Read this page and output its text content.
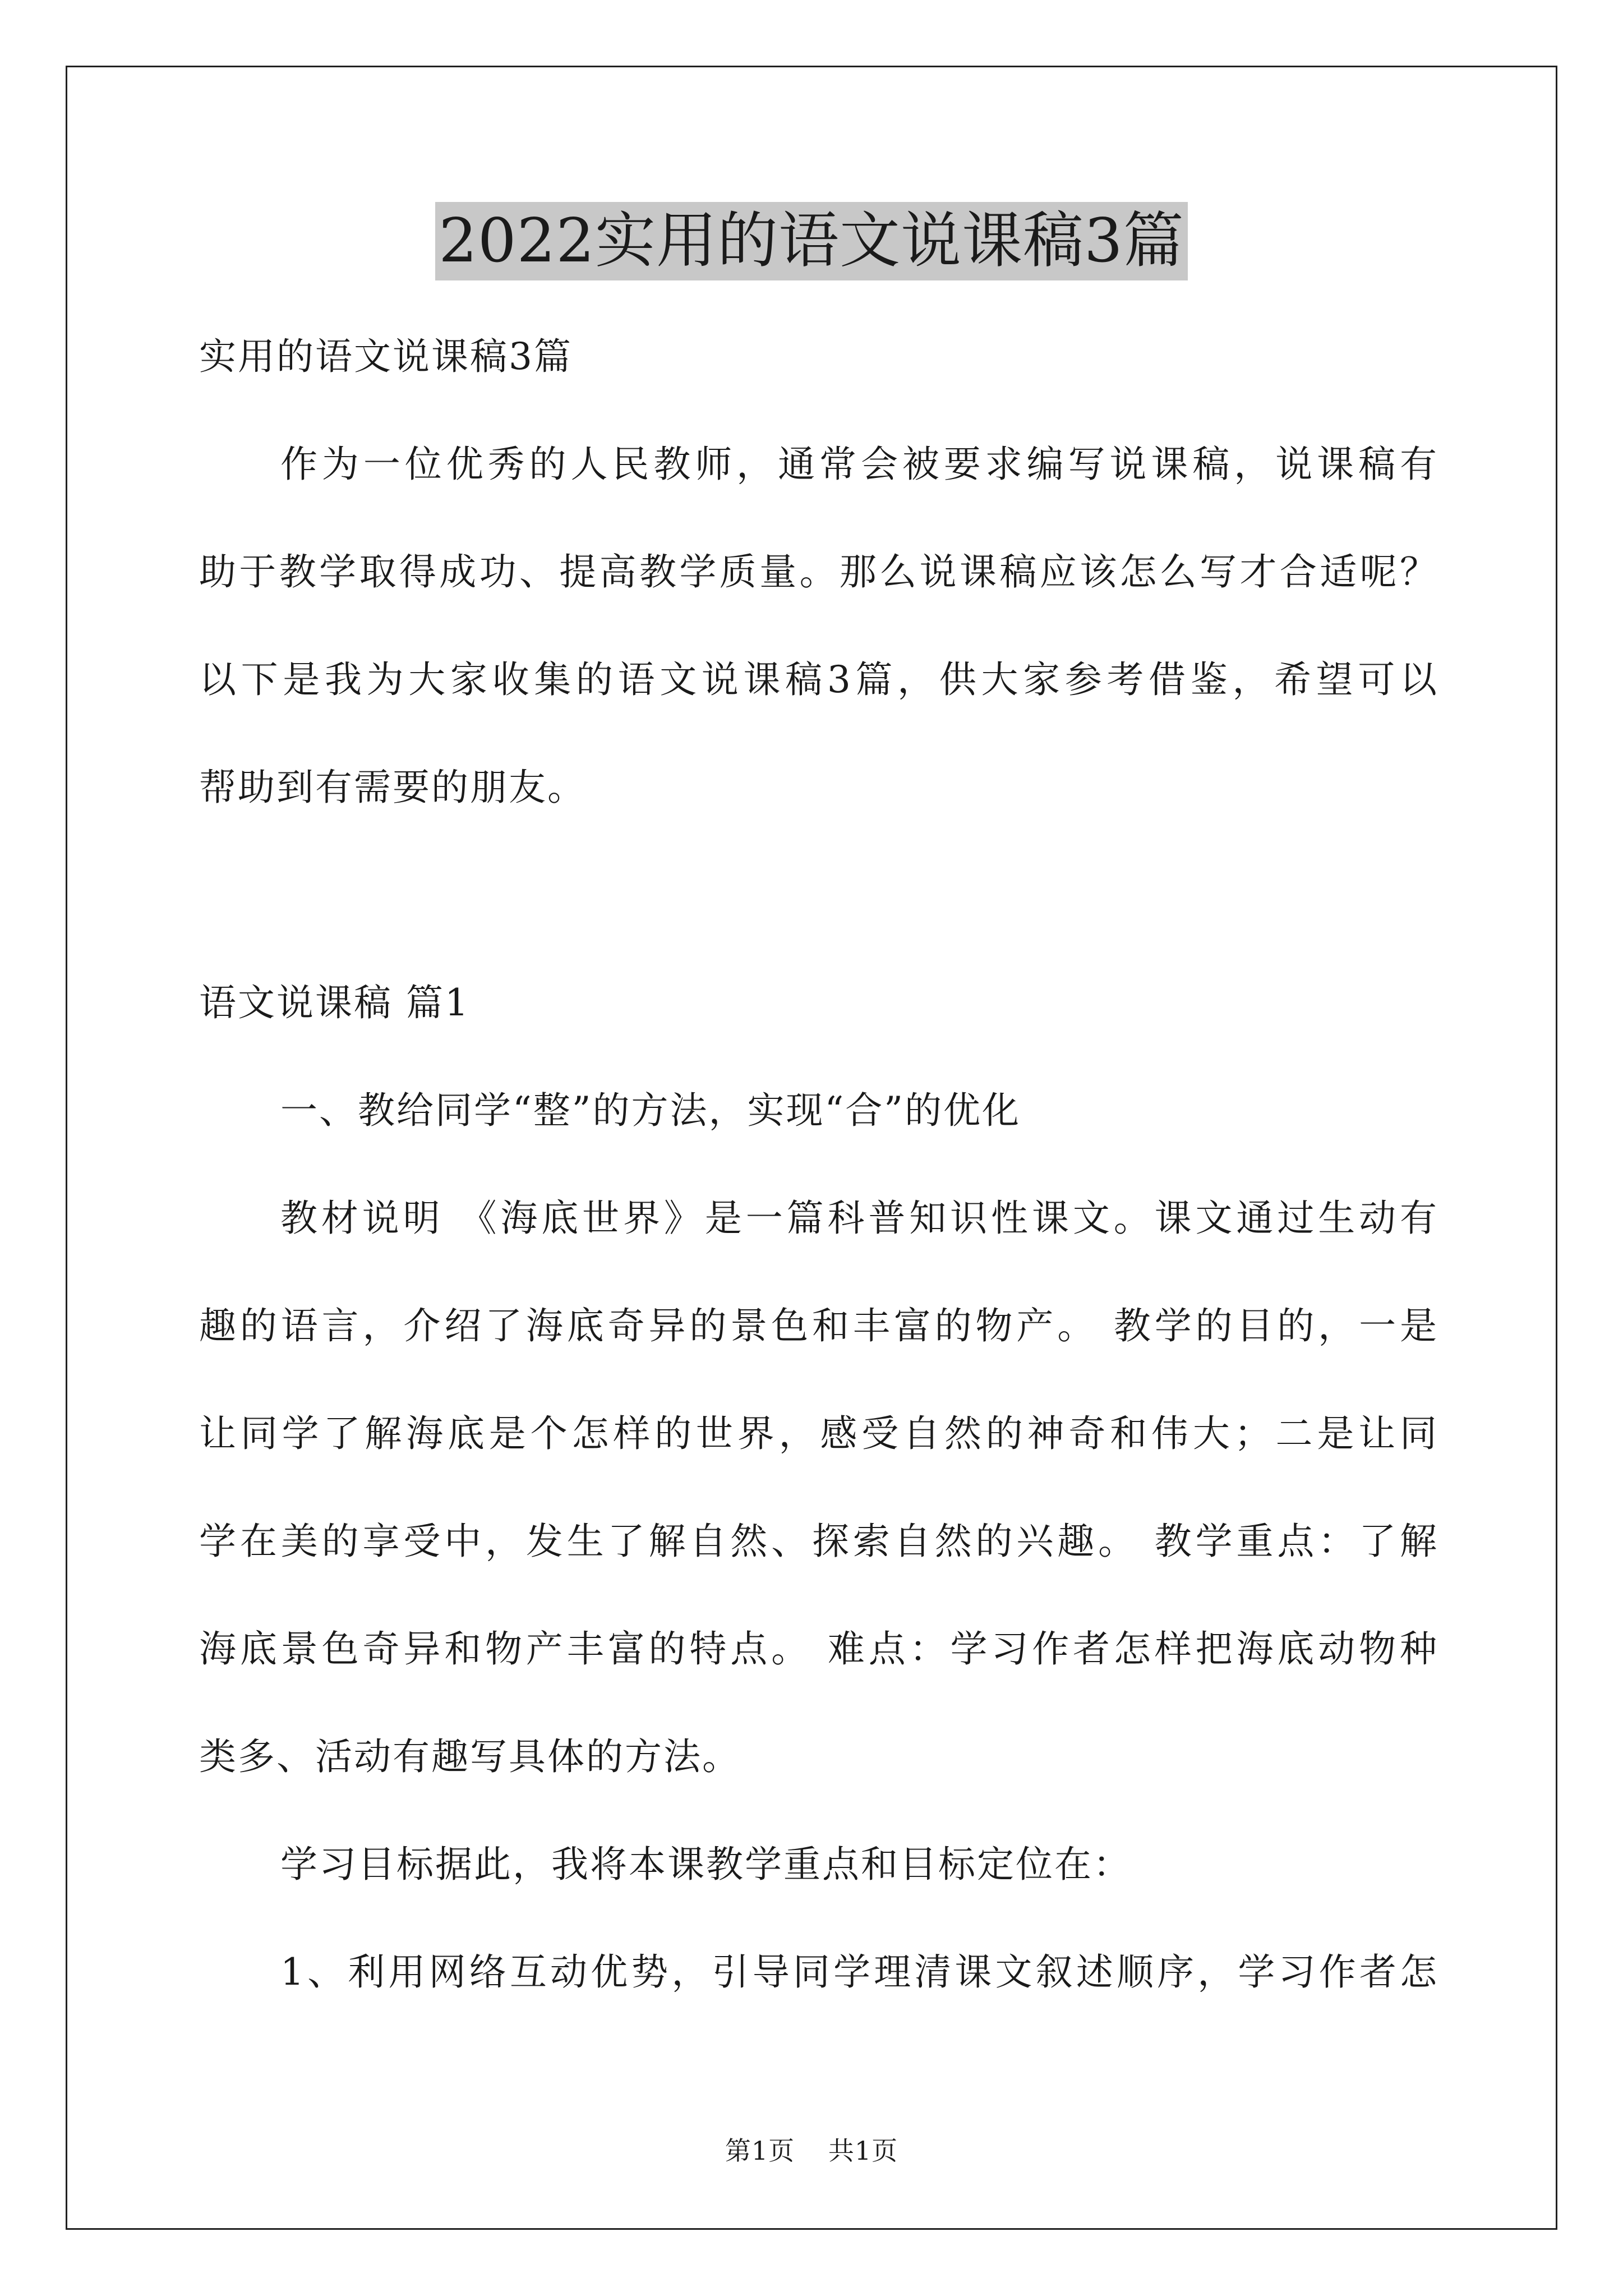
2022实用的语文说课稿3篇
实用的语文说课稿3篇
作为一位优秀的人民教师，通常会被要求编写说课稿，说课稿有
助于教学取得成功、提高教学质量。那么说课稿应该怎么写才合适呢？
以下是我为大家收集的语文说课稿3篇，供大家参考借鉴，希望可以
帮助到有需要的朋友。
语文说课稿 篇1
一、教给同学“整”的方法，实现“合”的优化
教材说明 《海底世界》是一篇科普知识性课文。课文通过生动有
趣的语言，介绍了海底奇异的景色和丰富的物产。 教学的目的，一是
让同学了解海底是个怎样的世界，感受自然的神奇和伟大；二是让同
学在美的享受中，发生了解自然、探索自然的兴趣。 教学重点：了解
海底景色奇异和物产丰富的特点。 难点：学习作者怎样把海底动物种
类多、活动有趣写具体的方法。
学习目标据此，我将本课教学重点和目标定位在：
1、利用网络互动优势，引导同学理清课文叙述顺序，学习作者怎
第1页 共1页
